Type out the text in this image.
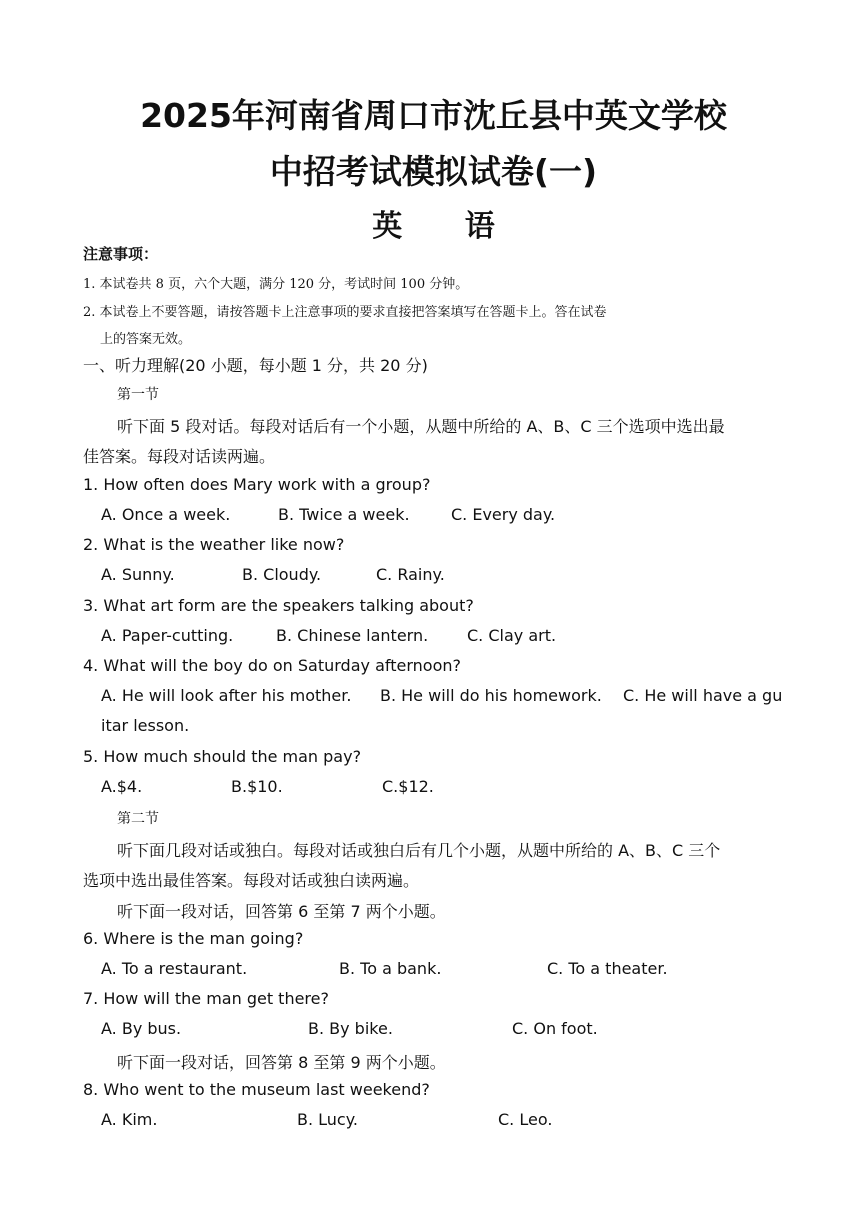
2025年河南省周口市沈丘县中英文学校
中招考试模拟试卷(一)
英 语
注意事项：
1. 本试卷共 8 页，六个大题，满分 120 分，考试时间 100 分钟。
2. 本试卷上不要答题，请按答题卡上注意事项的要求直接把答案填写在答题卡上。答在试卷
上的答案无效。
一、听力理解(20 小题，每小题 1 分，共 20 分)
第一节
听下面 5 段对话。每段对话后有一个小题，从题中所给的 A、B、C 三个选项中选出最
佳答案。每段对话读两遍。
1. How often does Mary work with a group?
A. Once a week.	B. Twice a week.	C. Every day.
2. What is the weather like now?
A. Sunny.	B. Cloudy.	C. Rainy.
3. What art form are the speakers talking about?
A. Paper-cutting.	B. Chinese lantern. C. Clay art.
4. What will the boy do on Saturday afternoon?
A. He will look after his mother. B. He will do his homework. C. He will have a gu
itar lesson.
5. How much should the man pay?
A.$4.	B.$10.	C.$12.
第二节
听下面几段对话或独白。每段对话或独白后有几个小题，从题中所给的 A、B、C 三个
选项中选出最佳答案。每段对话或独白读两遍。
听下面一段对话，回答第 6 至第 7 两个小题。
6. Where is the man going?
A. To a restaurant.	B. To a bank.	C. To a theater.
7. How will the man get there?
A. By bus.	B. By bike.	C. On foot.
听下面一段对话，回答第 8 至第 9 两个小题。
8. Who went to the museum last weekend?
A. Kim.	B. Lucy.	C. Leo.
